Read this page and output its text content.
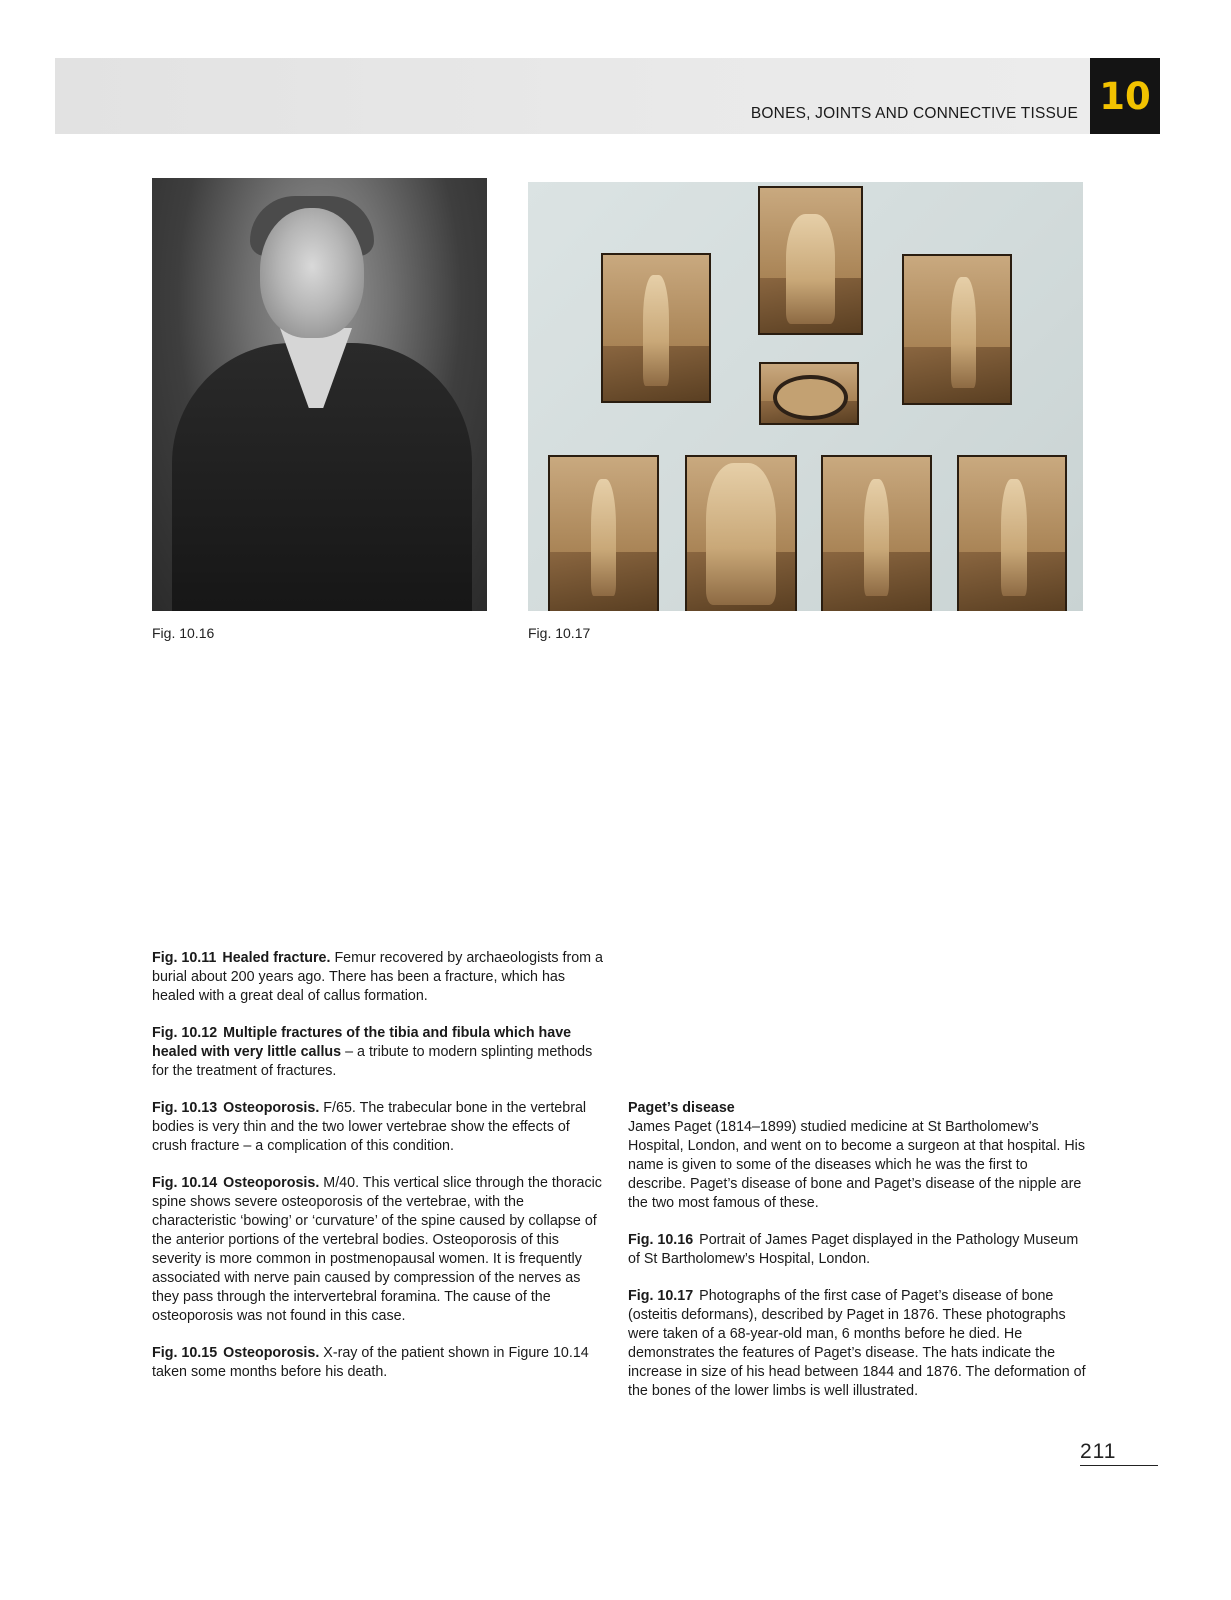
BONES, JOINTS AND CONNECTIVE TISSUE 10
Fig. 10.16	Fig. 10.17

Fig. 10.11 Healed fracture. Femur recovered by archaeologists from a burial about 200 years ago. There has been a fracture, which has healed with a great deal of callus formation.

Fig. 10.12 Multiple fractures of the tibia and fibula which have healed with very little callus – a tribute to modern splinting methods for the treatment of fractures.

Fig. 10.13 Osteoporosis. F/65. The trabecular bone in the vertebral bodies is very thin and the two lower vertebrae show the effects of crush fracture – a complication of this condition.

Fig. 10.14 Osteoporosis. M/40. This vertical slice through the thoracic spine shows severe osteoporosis of the vertebrae, with the characteristic ‘bowing’ or ‘curvature’ of the spine caused by collapse of the anterior portions of the vertebral bodies. Osteoporosis of this severity is more common in postmenopausal women. It is frequently associated with nerve pain caused by compression of the nerves as they pass through the intervertebral foramina. The cause of the osteoporosis was not found in this case.

Fig. 10.15 Osteoporosis. X-ray of the patient shown in Figure 10.14 taken some months before his death.

Paget’s disease
James Paget (1814–1899) studied medicine at St Bartholomew’s Hospital, London, and went on to become a surgeon at that hospital. His name is given to some of the diseases which he was the first to describe. Paget’s disease of bone and Paget’s disease of the nipple are the two most famous of these.

Fig. 10.16 Portrait of James Paget displayed in the Pathology Museum of St Bartholomew’s Hospital, London.

Fig. 10.17 Photographs of the first case of Paget’s disease of bone (osteitis deformans), described by Paget in 1876. These photographs were taken of a 68-year-old man, 6 months before he died. He demonstrates the features of Paget’s disease. The hats indicate the increase in size of his head between 1844 and 1876. The deformation of the bones of the lower limbs is well illustrated.

211
